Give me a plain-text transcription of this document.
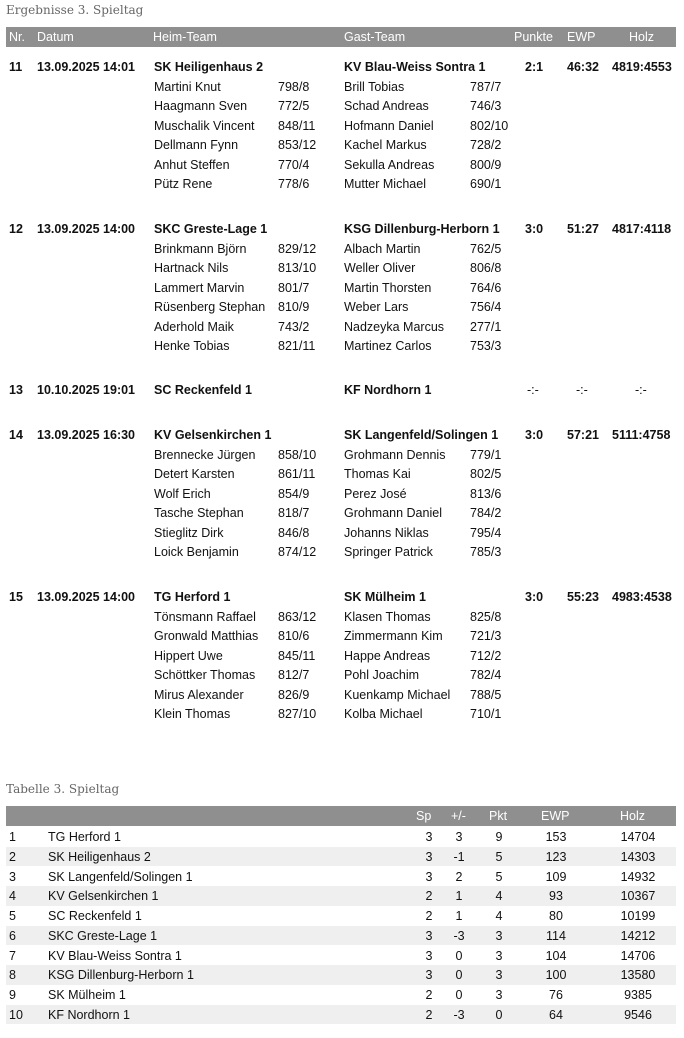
Ergebnisse 3. Spieltag
Nr. Datum	Heim-Team	Gast-Team	Punkte EWP	Holz
11 13.09.2025 14:01 SK Heiligenhaus 2	KV Blau-Weiss Sontra 1	2:1 46:32 4819:4553
Martini Knut	798/8	Brill Tobias	787/7
Haagmann Sven 772/5	Schad Andreas	746/3
Muschalik Vincent 848/11 Hofmann Daniel	802/10
Dellmann Fynn	853/12 Kachel Markus	728/2
Anhut Steffen	770/4	Sekulla Andreas	800/9
Pütz Rene	778/6	Mutter Michael	690/1
12 13.09.2025 14:00 SKC Greste-Lage 1	KSG Dillenburg-Herborn 1 3:0 51:27 4817:4118
Brinkmann Björn	829/12 Albach Martin	762/5
Hartnack Nils	813/10 Weller Oliver	806/8
Lammert Marvin	801/7	Martin Thorsten	764/6
Rüsenberg Stephan 810/9	Weber Lars	756/4
Aderhold Maik	743/2	Nadzeyka Marcus 277/1
Henke Tobias	821/11 Martinez Carlos	753/3
13 10.10.2025 19:01 SC Reckenfeld 1	KF Nordhorn 1	-:-	-:-	-:-
14 13.09.2025 16:30 KV Gelsenkirchen 1	SK Langenfeld/Solingen 1 3:0 57:21 5111:4758
Brennecke Jürgen 858/10 Grohmann Dennis 779/1
Detert Karsten	861/11 Thomas Kai	802/5
Wolf Erich	854/9	Perez José	813/6
Tasche Stephan	818/7	Grohmann Daniel 784/2
Stieglitz Dirk	846/8	Johanns Niklas	795/4
Loick Benjamin	874/12 Springer Patrick	785/3
15 13.09.2025 14:00 TG Herford 1	SK Mülheim 1	3:0 55:23 4983:4538
Tönsmann Raffael 863/12 Klasen Thomas	825/8
Gronwald Matthias 810/6	Zimmermann Kim 721/3
Hippert Uwe	845/11 Happe Andreas	712/2
Schöttker Thomas 812/7	Pohl Joachim	782/4
Mirus Alexander	826/9	Kuenkamp Michael 788/5
Klein Thomas	827/10 Kolba Michael	710/1
Tabelle 3. Spieltag
Sp +/- Pkt	EWP	Holz
1	TG Herford 1	3	3	9	153	14704
2	SK Heiligenhaus 2	3	-1	5	123	14303
3	SK Langenfeld/Solingen 1	3	2	5	109	14932
4	KV Gelsenkirchen 1	2	1	4	93	10367
5	SC Reckenfeld 1	2	1	4	80	10199
6	SKC Greste-Lage 1	3	-3	3	114	14212
7	KV Blau-Weiss Sontra 1	3	0	3	104	14706
8	KSG Dillenburg-Herborn 1	3	0	3	100	13580
9	SK Mülheim 1	2	0	3	76	9385
10 KF Nordhorn 1	2	-3	0	64	9546
